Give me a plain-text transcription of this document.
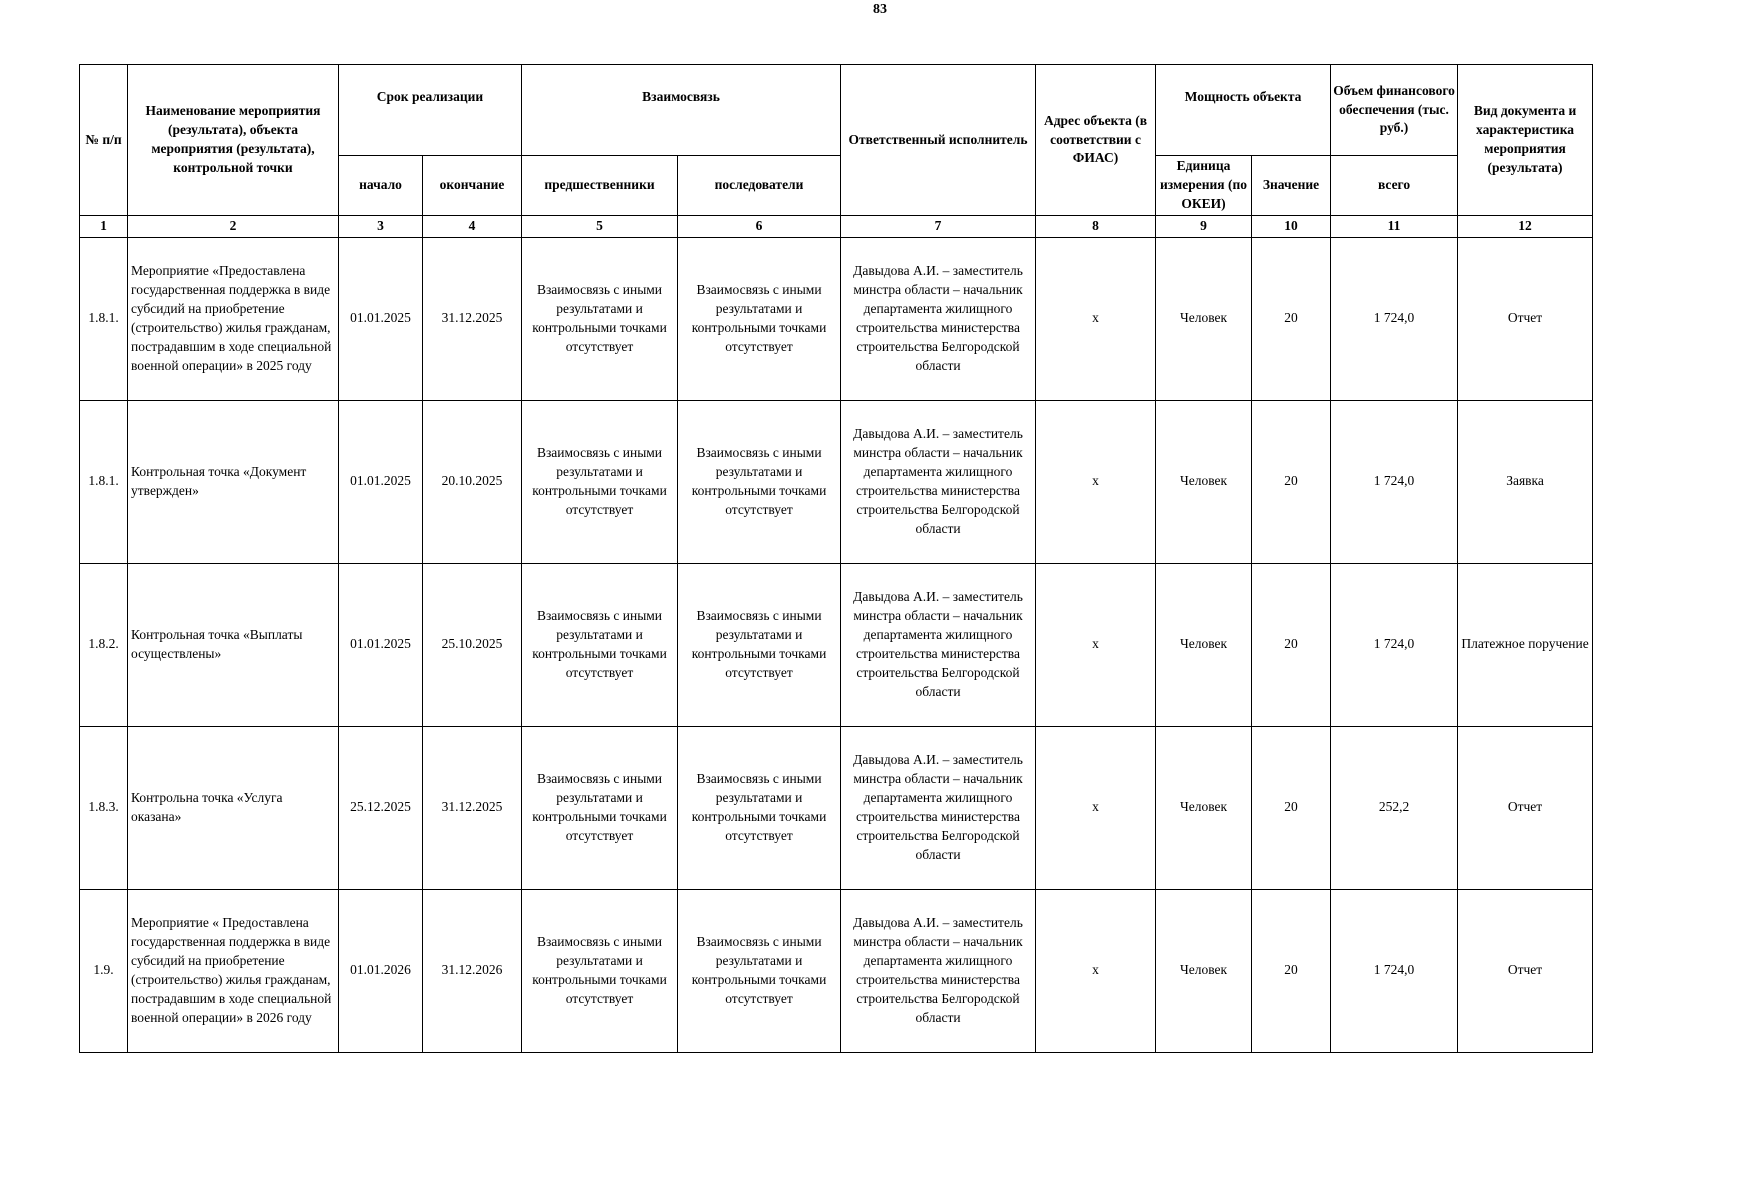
83
№ п/п	Наименование мероприятия (результата), объекта мероприятия (результата), контрольной точки	Срок реализации		Взаимосвязь		Ответственный исполнитель	Адрес объекта (в соответствии с ФИАС)	Мощность объекта		Объем финансового обеспечения (тыс. руб.)	Вид документа и характеристика мероприятия (результата)
		начало	окончание	предшественники	последователи			Единица измерения (по ОКЕИ)	Значение	всего	
1	2	3	4	5	6	7	8	9	10	11	12
1.8.1.	Мероприятие «Предоставлена государственная поддержка в виде субсидий на приобретение (строительство) жилья гражданам, пострадавшим в ходе специальной военной операции» в 2025 году	01.01.2025	31.12.2025	Взаимосвязь с иными результатами и контрольными точками отсутствует	Взаимосвязь с иными результатами и контрольными точками отсутствует	Давыдова А.И. – заместитель минстра области – начальник департамента жилищного строительства министерства строительства Белгородской области	х	Человек	20	1 724,0	Отчет
1.8.1.	Контрольная точка «Документ утвержден»	01.01.2025	20.10.2025	Взаимосвязь с иными результатами и контрольными точками отсутствует	Взаимосвязь с иными результатами и контрольными точками отсутствует	Давыдова А.И. – заместитель минстра области – начальник департамента жилищного строительства министерства строительства Белгородской области	х	Человек	20	1 724,0	Заявка
1.8.2.	Контрольная точка «Выплаты осуществлены»	01.01.2025	25.10.2025	Взаимосвязь с иными результатами и контрольными точками отсутствует	Взаимосвязь с иными результатами и контрольными точками отсутствует	Давыдова А.И. – заместитель минстра области – начальник департамента жилищного строительства министерства строительства Белгородской области	х	Человек	20	1 724,0	Платежное поручение
1.8.3.	Контрольна точка «Услуга оказана»	25.12.2025	31.12.2025	Взаимосвязь с иными результатами и контрольными точками отсутствует	Взаимосвязь с иными результатами и контрольными точками отсутствует	Давыдова А.И. – заместитель минстра области – начальник департамента жилищного строительства министерства строительства Белгородской области	х	Человек	20	252,2	Отчет
1.9.	Мероприятие « Предоставлена государственная поддержка в виде субсидий на приобретение (строительство) жилья гражданам, пострадавшим в ходе специальной военной операции» в 2026 году	01.01.2026	31.12.2026	Взаимосвязь с иными результатами и контрольными точками отсутствует	Взаимосвязь с иными результатами и контрольными точками отсутствует	Давыдова А.И. – заместитель минстра области – начальник департамента жилищного строительства министерства строительства Белгородской области	х	Человек	20	1 724,0	Отчет
